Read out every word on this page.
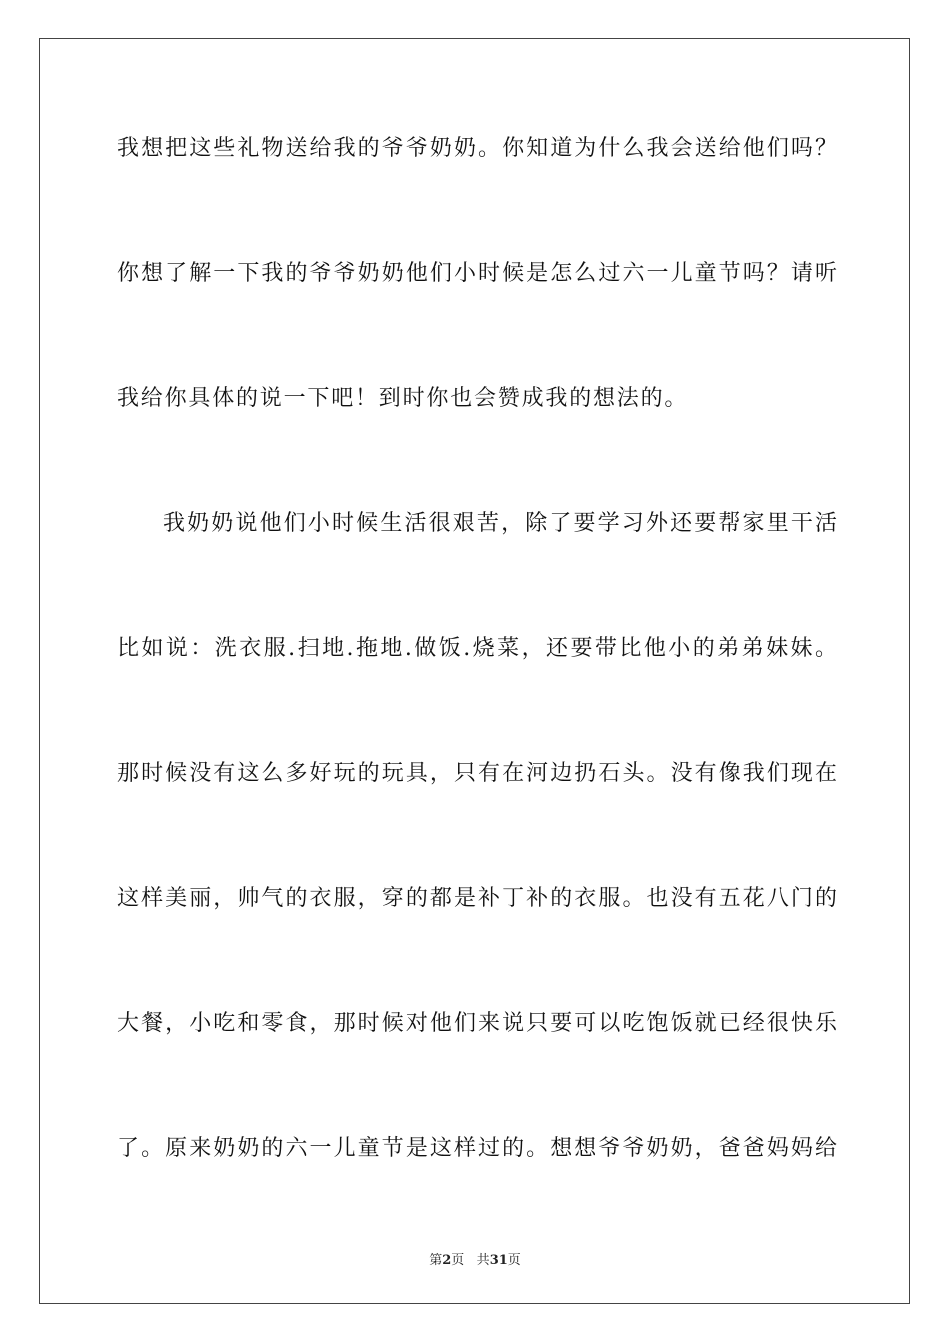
我想把这些礼物送给我的爷爷奶奶。你知道为什么我会送给他们吗？
你想了解一下我的爷爷奶奶他们小时候是怎么过六一儿童节吗？请听
我给你具体的说一下吧！到时你也会赞成我的想法的。
我奶奶说他们小时候生活很艰苦，除了要学习外还要帮家里干活
比如说：洗衣服.扫地.拖地.做饭.烧菜，还要带比他小的弟弟妹妹。
那时候没有这么多好玩的玩具，只有在河边扔石头。没有像我们现在
这样美丽，帅气的衣服，穿的都是补丁补的衣服。也没有五花八门的
大餐，小吃和零食，那时候对他们来说只要可以吃饱饭就已经很快乐
了。原来奶奶的六一儿童节是这样过的。想想爷爷奶奶，爸爸妈妈给
第2页 共31页
